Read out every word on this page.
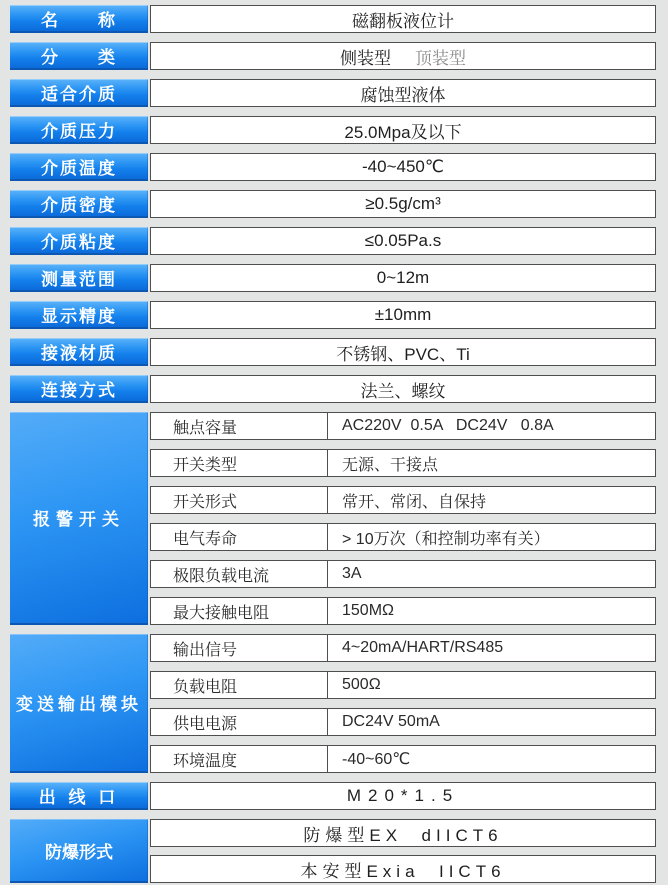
名　　称	磁翻板液位计
分　　类	侧装型 顶装型
适合介质	腐蚀型液体
介质压力	25.0Mpa及以下
介质温度	-40~450℃
介质密度	≥0.5g/cm³
介质粘度	≤0.05Pa.s
测量范围	0~12m
显示精度	±10mm
接液材质	不锈钢、PVC、Ti
连接方式	法兰、螺纹
报警开关
触点容量	AC220V  0.5A   DC24V   0.8A
开关类型	无源、干接点
开关形式	常开、常闭、自保持
电气寿命	> 10万次（和控制功率有关）
极限负载电流	3A
最大接触电阻	150MΩ
变送输出模块
输出信号	4~20mA/HART/RS485
负载电阻	500Ω
供电电源	DC24V 50mA
环境温度	-40~60℃
出 线 口	M20*1.5
防爆形式
防爆型EX  dIICT6
本安型Exia  IICT6
